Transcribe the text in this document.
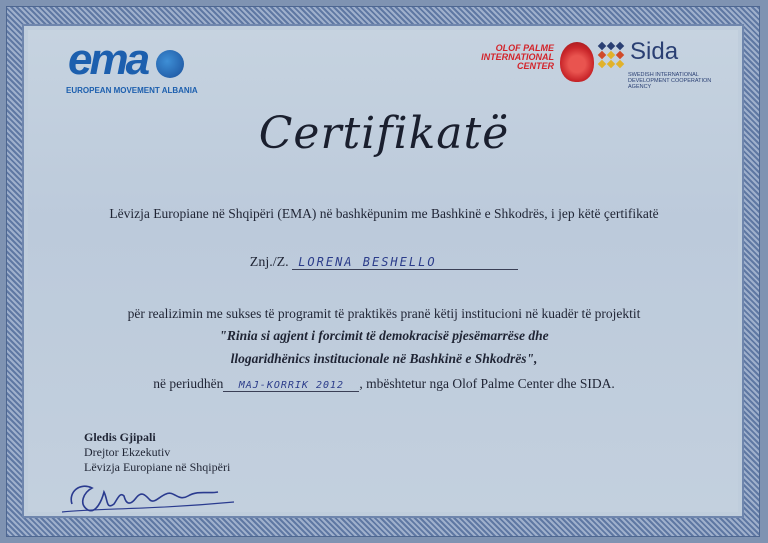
ema
EUROPEAN MOVEMENT ALBANIA
OLOF PALME
INTERNATIONAL
CENTER
Sida
SWEDISH INTERNATIONAL DEVELOPMENT COOPERATION AGENCY
Certifikatë
Lëvizja Europiane në Shqipëri (EMA) në bashkëpunim me Bashkinë e Shkodrës, i jep këtë çertifikatë
Znj./Z. LORENA BESHELLO
për realizimin me sukses të programit të praktikës pranë këtij institucioni në kuadër të projektit
"Rinia si agjent i forcimit të demokracisë pjesëmarrëse dhe
llogaridhënics institucionale në Bashkinë e Shkodrës",
në periudhën MAJ-KORRIK 2012 , mbështetur nga Olof Palme Center dhe SIDA.
Gledis Gjipali
Drejtor Ekzekutiv
Lëvizja Europiane në Shqipëri
